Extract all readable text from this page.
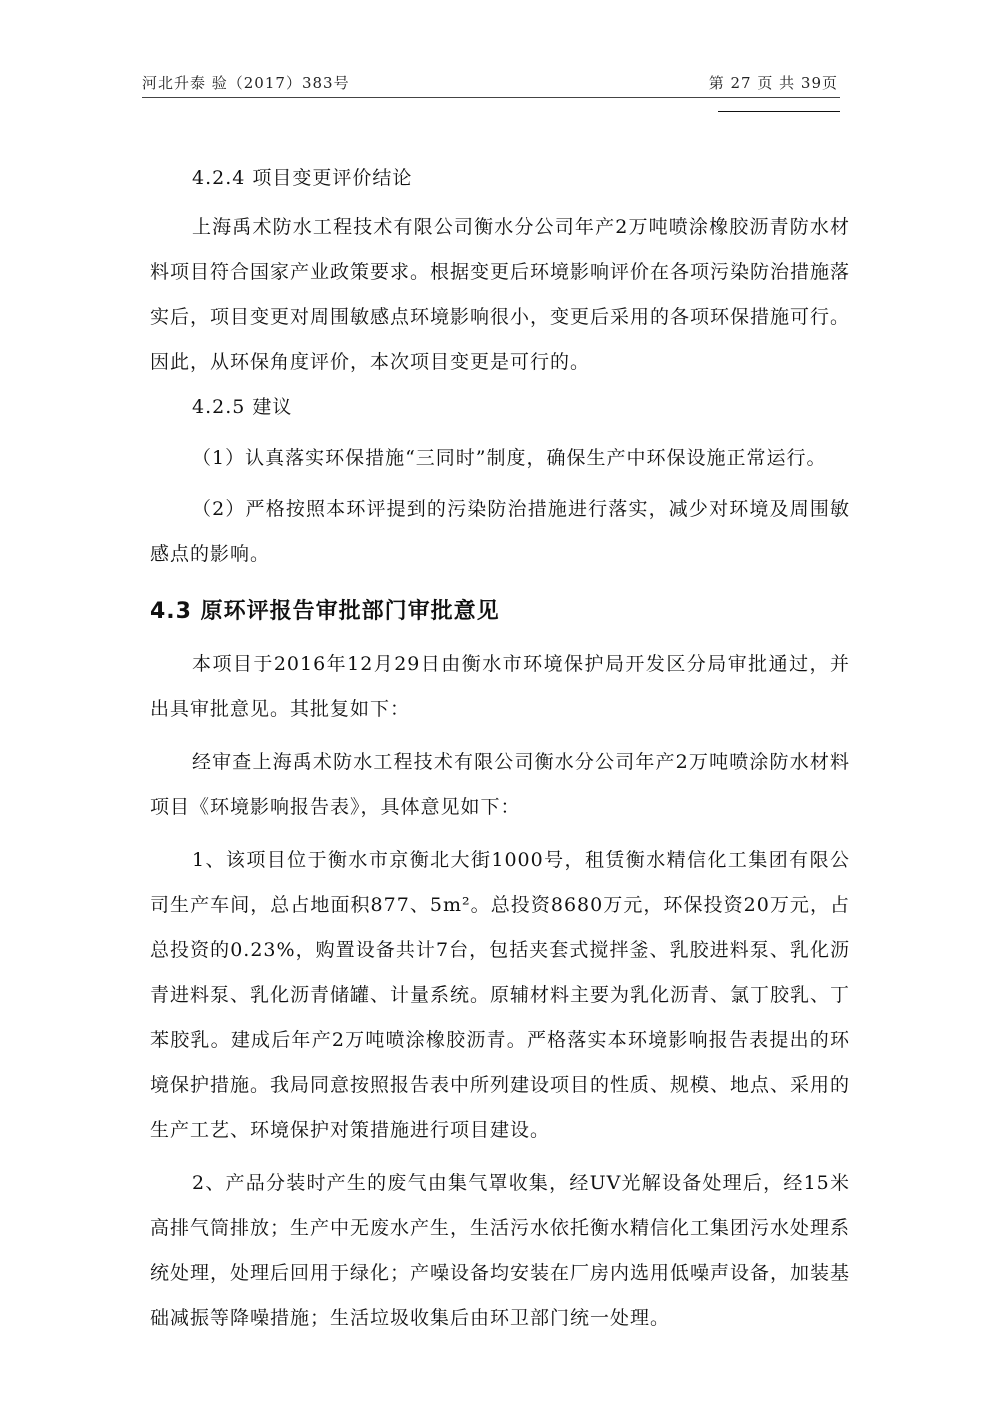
河北升泰 验（2017）383号	第 27 页 共 39页

4.2.4 项目变更评价结论

上海禹术防水工程技术有限公司衡水分公司年产2万吨喷涂橡胶沥青防水材料项目符合国家产业政策要求。根据变更后环境影响评价在各项污染防治措施落实后，项目变更对周围敏感点环境影响很小，变更后采用的各项环保措施可行。因此，从环保角度评价，本次项目变更是可行的。

4.2.5 建议

（1）认真落实环保措施“三同时”制度，确保生产中环保设施正常运行。

（2）严格按照本环评提到的污染防治措施进行落实，减少对环境及周围敏感点的影响。

4.3 原环评报告审批部门审批意见

本项目于2016年12月29日由衡水市环境保护局开发区分局审批通过，并出具审批意见。其批复如下：

经审查上海禹术防水工程技术有限公司衡水分公司年产2万吨喷涂防水材料项目《环境影响报告表》，具体意见如下：

1、该项目位于衡水市京衡北大街1000号，租赁衡水精信化工集团有限公司生产车间，总占地面积877、5m²。总投资8680万元，环保投资20万元，占总投资的0.23%，购置设备共计7台，包括夹套式搅拌釜、乳胶进料泵、乳化沥青进料泵、乳化沥青储罐、计量系统。原辅材料主要为乳化沥青、氯丁胶乳、丁苯胶乳。建成后年产2万吨喷涂橡胶沥青。严格落实本环境影响报告表提出的环境保护措施。我局同意按照报告表中所列建设项目的性质、规模、地点、采用的生产工艺、环境保护对策措施进行项目建设。

2、产品分装时产生的废气由集气罩收集，经UV光解设备处理后，经15米高排气筒排放；生产中无废水产生，生活污水依托衡水精信化工集团污水处理系统处理，处理后回用于绿化；产噪设备均安装在厂房内选用低噪声设备，加装基础减振等降噪措施；生活垃圾收集后由环卫部门统一处理。
